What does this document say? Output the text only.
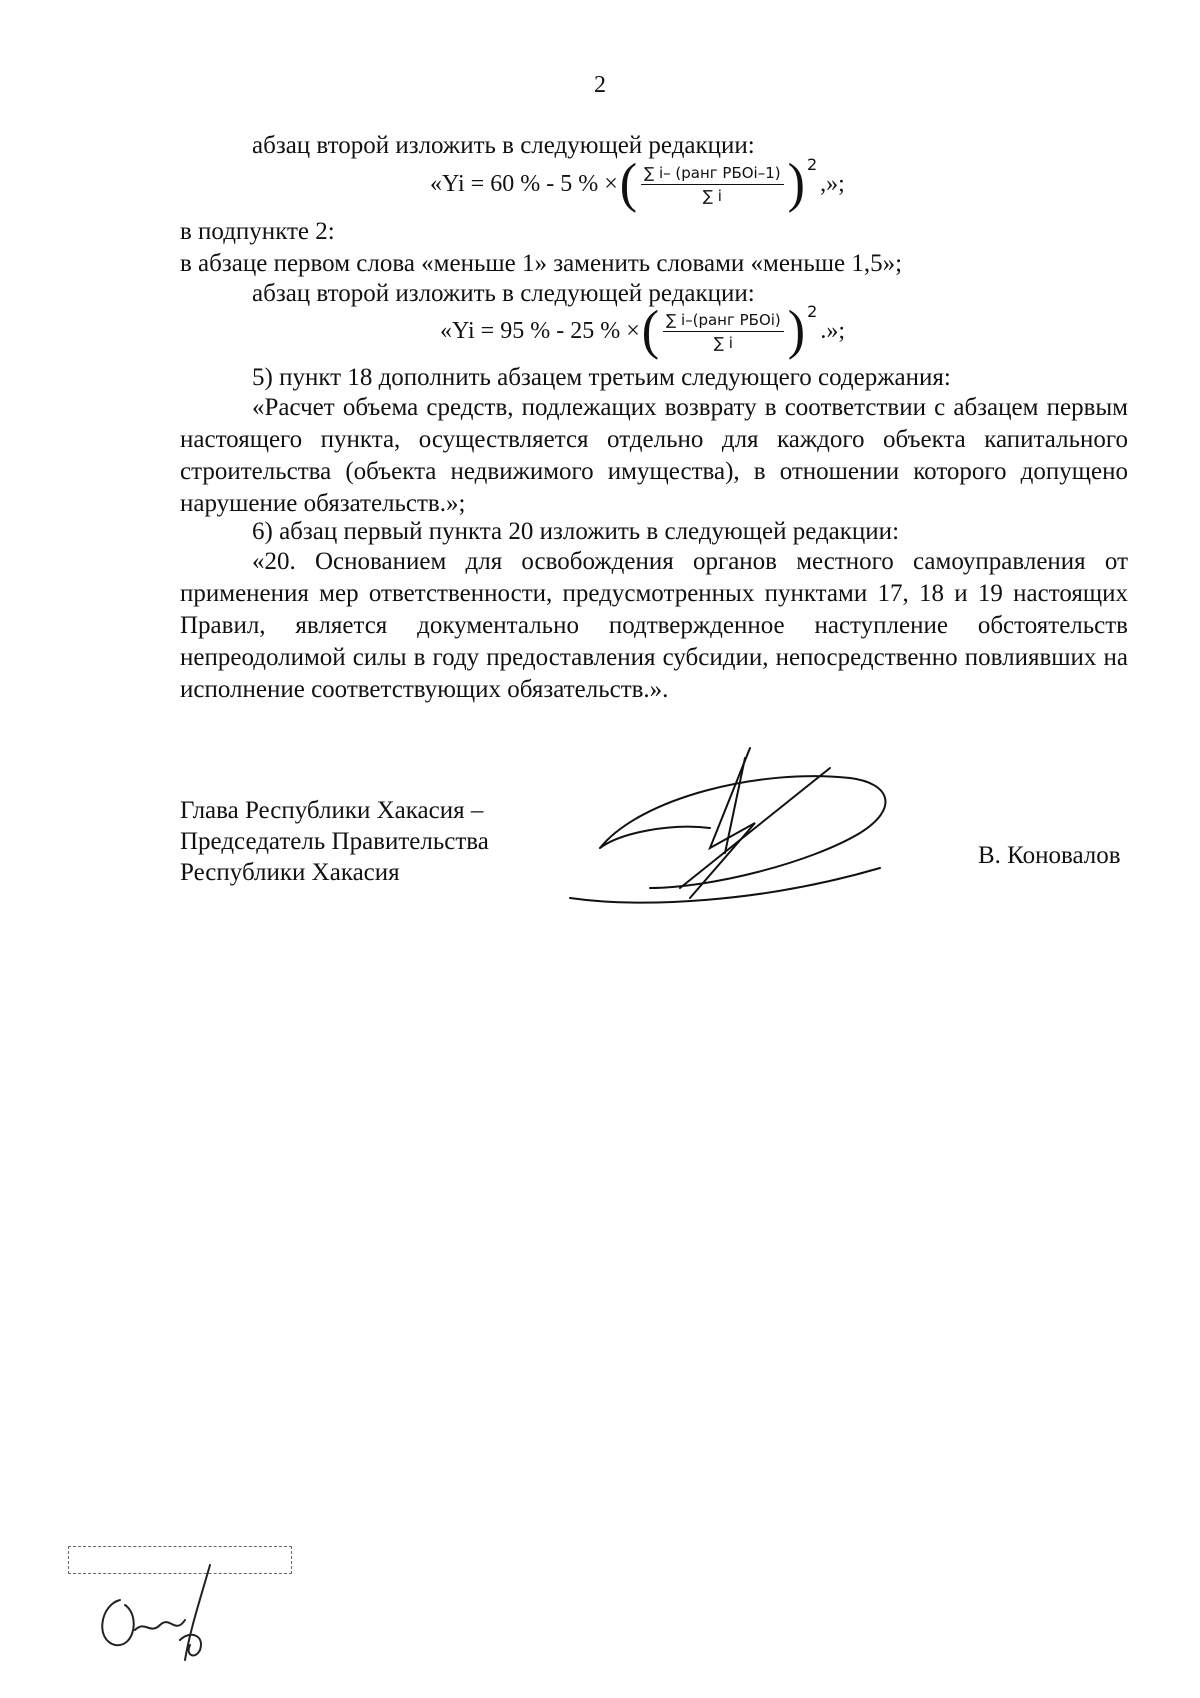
2
абзац второй изложить в следующей редакции:
«Yi = 60 % - 5 % × ( $\frac{\text{∑ i– (ранг РБОi–1)}}{\sum i}$ ) 2
,»;
в подпункте 2:
в абзаце первом слова «меньше 1» заменить словами «меньше 1,5»;
абзац второй изложить в следующей редакции:
«Yi = 95 % - 25 % × ( $\frac{\text{∑ i–(ранг РБОi)}}{\sum i}$ ) 2
.»;
5) пункт 18 дополнить абзацем третьим следующего содержания:

«Расчет объема средств, подлежащих возврату в соответствии с абзацем первым настоящего пункта, осуществляется отдельно для каждого объекта капитального строительства (объекта недвижимого имущества), в отношении которого допущено нарушение обязательств.»;

6) абзац первый пункта 20 изложить в следующей редакции:

«20. Основанием для освобождения органов местного самоуправления от применения мер ответственности, предусмотренных пунктами 17, 18 и 19 настоящих Правил, является документально подтвержденное наступление обстоятельств непреодолимой силы в году предоставления субсидии, непосредственно повлиявших на исполнение соответствующих обязательств.».

Глава Республики Хакасия –
Председатель Правительства
Республики Хакасия
В. Коновалов
